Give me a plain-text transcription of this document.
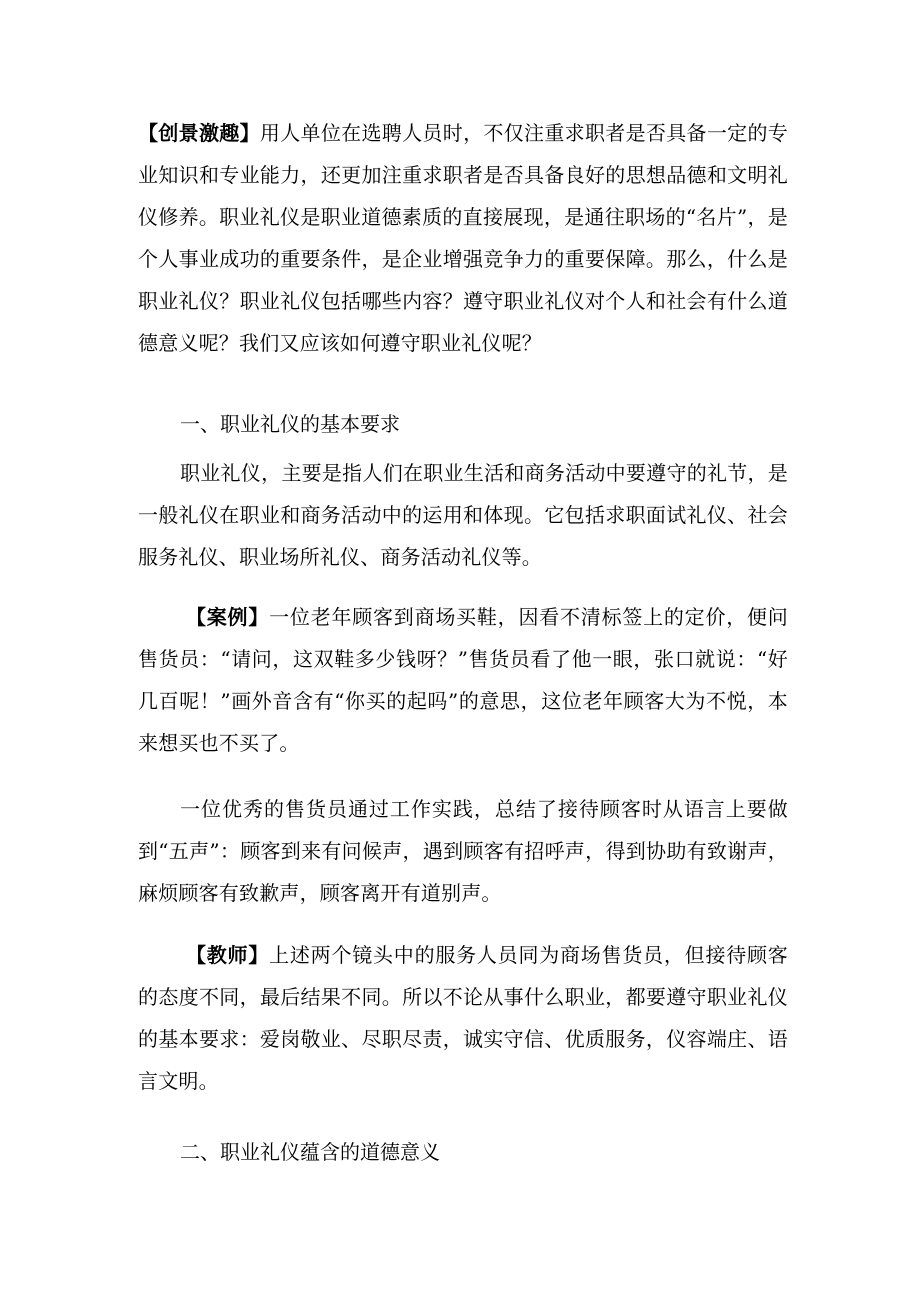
【创景激趣】用人单位在选聘人员时，不仅注重求职者是否具备一定的专业知识和专业能力，还更加注重求职者是否具备良好的思想品德和文明礼仪修养。职业礼仪是职业道德素质的直接展现，是通往职场的“名片”，是个人事业成功的重要条件，是企业增强竞争力的重要保障。那么，什么是职业礼仪？职业礼仪包括哪些内容？遵守职业礼仪对个人和社会有什么道德意义呢？我们又应该如何遵守职业礼仪呢？

一、职业礼仪的基本要求

职业礼仪，主要是指人们在职业生活和商务活动中要遵守的礼节，是一般礼仪在职业和商务活动中的运用和体现。它包括求职面试礼仪、社会服务礼仪、职业场所礼仪、商务活动礼仪等。

【案例】一位老年顾客到商场买鞋，因看不清标签上的定价，便问售货员：“请问，这双鞋多少钱呀？”售货员看了他一眼，张口就说：“好几百呢！”画外音含有“你买的起吗”的意思，这位老年顾客大为不悦，本来想买也不买了。

一位优秀的售货员通过工作实践，总结了接待顾客时从语言上要做到“五声”：顾客到来有问候声，遇到顾客有招呼声，得到协助有致谢声，麻烦顾客有致歉声，顾客离开有道别声。

【教师】上述两个镜头中的服务人员同为商场售货员，但接待顾客的态度不同，最后结果不同。所以不论从事什么职业，都要遵守职业礼仪的基本要求：爱岗敬业、尽职尽责，诚实守信、优质服务，仪容端庄、语言文明。

二、职业礼仪蕴含的道德意义
